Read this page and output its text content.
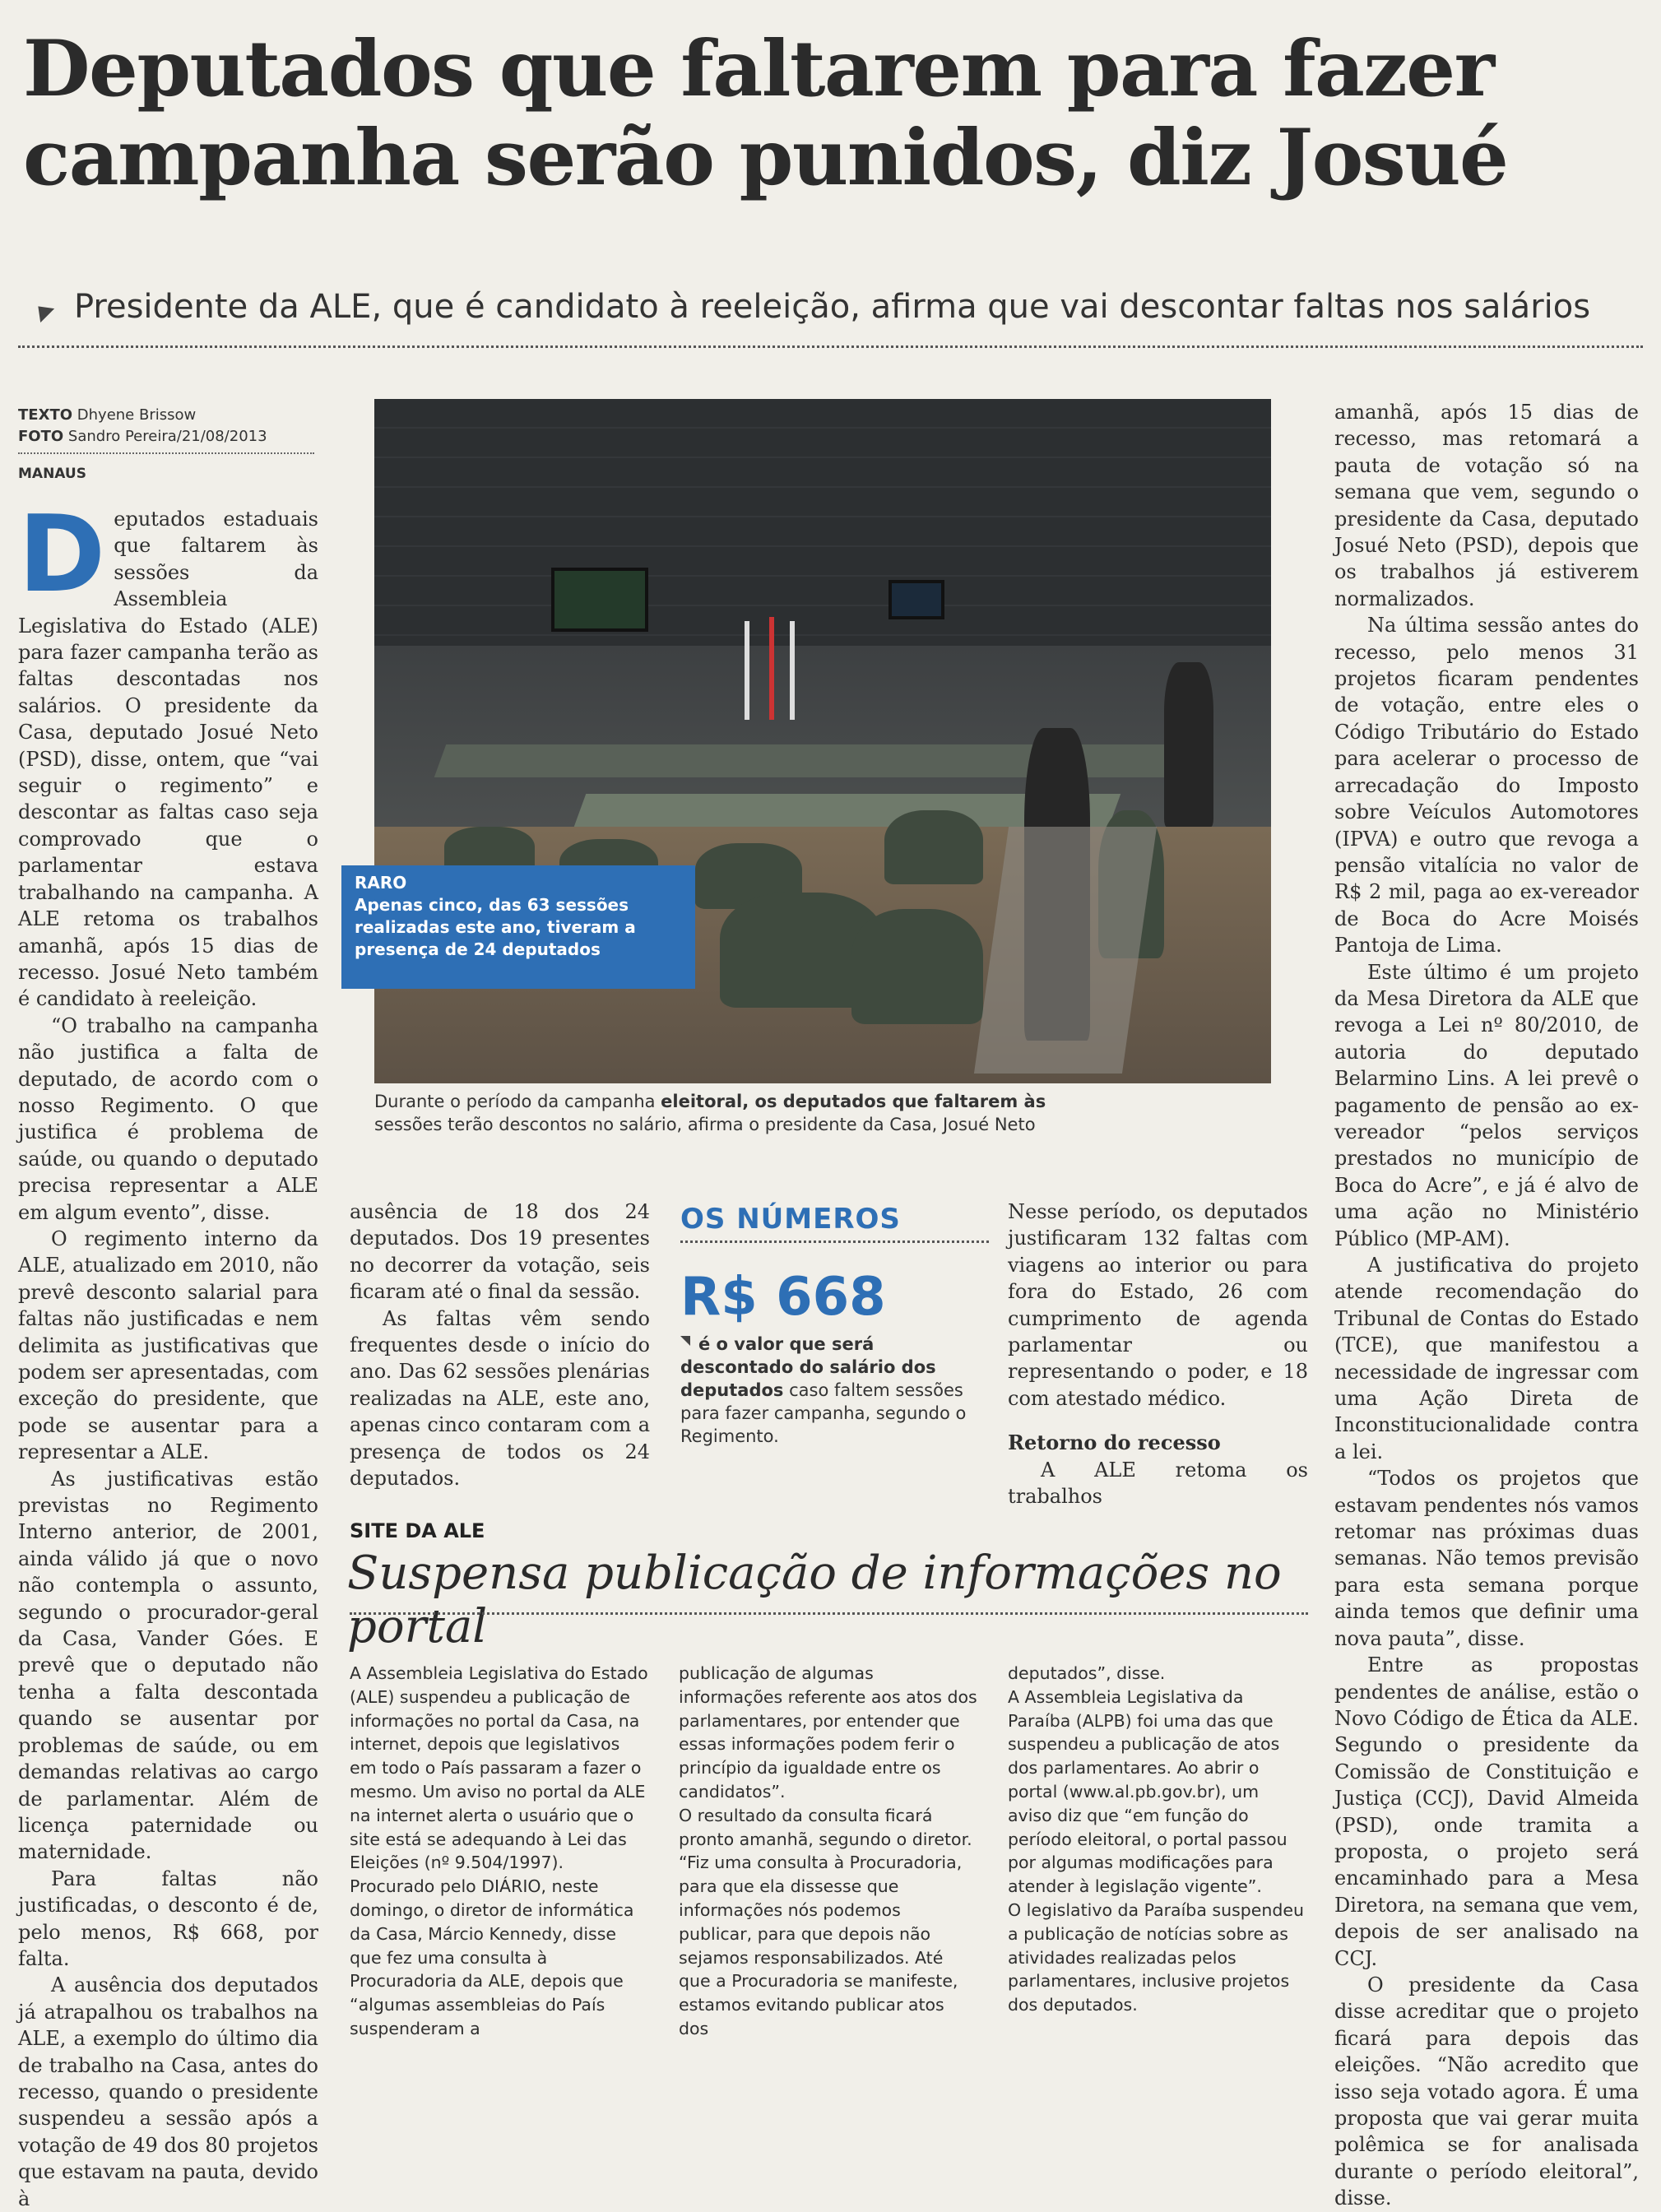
Deputados que faltarem para fazer
campanha serão punidos, diz Josué
Presidente da ALE, que é candidato à reeleição, afirma que vai descontar faltas nos salários
TEXTO Dhyene Brissow
FOTO Sandro Pereira/21/08/2013
MANAUS

Deputados estaduais que faltarem às sessões da Assembleia Legislativa do Estado (ALE) para fazer campanha terão as faltas descontadas nos salários. O presidente da Casa, deputado Josué Neto (PSD), disse, ontem, que “vai seguir o regimento” e descontar as faltas caso seja comprovado que o parlamentar estava trabalhando na campanha. A ALE retoma os trabalhos amanhã, após 15 dias de recesso. Josué Neto também é candidato à reeleição.

“O trabalho na campanha não justifica a falta de deputado, de acordo com o nosso Regimento. O que justifica é problema de saúde, ou quando o deputado precisa representar a ALE em algum evento”, disse.

O regimento interno da ALE, atualizado em 2010, não prevê desconto salarial para faltas não justificadas e nem delimita as justificativas que podem ser apresentadas, com exceção do presidente, que pode se ausentar para a representar a ALE.

As justificativas estão previstas no Regimento Interno anterior, de 2001, ainda válido já que o novo não contempla o assunto, segundo o procurador-geral da Casa, Vander Góes. E prevê que o deputado não tenha a falta descontada quando se ausentar por problemas de saúde, ou em demandas relativas ao cargo de parlamentar. Além de licença paternidade ou maternidade.

Para faltas não justificadas, o desconto é de, pelo menos, R$ 668, por falta.

A ausência dos deputados já atrapalhou os trabalhos na ALE, a exemplo do último dia de trabalho na Casa, antes do recesso, quando o presidente suspendeu a sessão após a votação de 49 dos 80 projetos que estavam na pauta, devido à

RARO
Apenas cinco, das 63 sessões realizadas este ano, tiveram a presença de 24 deputados
Durante o período da campanha eleitoral, os deputados que faltarem às
sessões terão descontos no salário, afirma o presidente da Casa, Josué Neto

ausência de 18 dos 24 deputados. Dos 19 presentes no decorrer da votação, seis ficaram até o final da sessão.

As faltas vêm sendo frequentes desde o início do ano. Das 62 sessões plenárias realizadas na ALE, este ano, apenas cinco contaram com a presença de todos os 24 deputados.

OS NÚMEROS
R$ 668
é o valor que será descontado do salário dos deputados caso faltem sessões para fazer campanha, segundo o Regimento.

Nesse período, os deputados justificaram 132 faltas com viagens ao interior ou para fora do Estado, 26 com cumprimento de agenda parlamentar ou representando o poder, e 18 com atestado médico.

Retorno do recesso

A ALE retoma os trabalhos

amanhã, após 15 dias de recesso, mas retomará a pauta de votação só na semana que vem, segundo o presidente da Casa, deputado Josué Neto (PSD), depois que os trabalhos já estiverem normalizados.

Na última sessão antes do recesso, pelo menos 31 projetos ficaram pendentes de votação, entre eles o Código Tributário do Estado para acelerar o processo de arrecadação do Imposto sobre Veículos Automotores (IPVA) e outro que revoga a pensão vitalícia no valor de R$ 2 mil, paga ao ex-vereador de Boca do Acre Moisés Pantoja de Lima.

Este último é um projeto da Mesa Diretora da ALE que revoga a Lei nº 80/2010, de autoria do deputado Belarmino Lins. A lei prevê o pagamento de pensão ao ex-vereador “pelos serviços prestados no município de Boca do Acre”, e já é alvo de uma ação no Ministério Público (MP-AM).

A justificativa do projeto atende recomendação do Tribunal de Contas do Estado (TCE), que manifestou a necessidade de ingressar com uma Ação Direta de Inconstitucionalidade contra a lei.

“Todos os projetos que estavam pendentes nós vamos retomar nas próximas duas semanas. Não temos previsão para esta semana porque ainda temos que definir uma nova pauta”, disse.

Entre as propostas pendentes de análise, estão o Novo Código de Ética da ALE. Segundo o presidente da Comissão de Constituição e Justiça (CCJ), David Almeida (PSD), onde tramita a proposta, o projeto será encaminhado para a Mesa Diretora, na semana que vem, depois de ser analisado na CCJ.

O presidente da Casa disse acreditar que o projeto ficará para depois das eleições. “Não acredito que isso seja votado agora. É uma proposta que vai gerar muita polêmica se for analisada durante o período eleitoral”, disse.

SITE DA ALE
Suspensa publicação de informações no portal

A Assembleia Legislativa do Estado (ALE) suspendeu a publicação de informações no portal da Casa, na internet, depois que legislativos em todo o País passaram a fazer o mesmo. Um aviso no portal da ALE na internet alerta o usuário que o site está se adequando à Lei das Eleições (nº 9.504/1997). Procurado pelo DIÁRIO, neste domingo, o diretor de informática da Casa, Márcio Kennedy, disse que fez uma consulta à Procuradoria da ALE, depois que “algumas assembleias do País suspenderam a

publicação de algumas informações referente aos atos dos parlamentares, por entender que essas informações podem ferir o princípio da igualdade entre os candidatos”.

O resultado da consulta ficará pronto amanhã, segundo o diretor. “Fiz uma consulta à Procuradoria, para que ela dissesse que informações nós podemos publicar, para que depois não sejamos responsabilizados. Até que a Procuradoria se manifeste, estamos evitando publicar atos dos

deputados”, disse.

A Assembleia Legislativa da Paraíba (ALPB) foi uma das que suspendeu a publicação de atos dos parlamentares. Ao abrir o portal (www.al.pb.gov.br), um aviso diz que “em função do período eleitoral, o portal passou por algumas modificações para atender à legislação vigente”.

O legislativo da Paraíba suspendeu a publicação de notícias sobre as atividades realizadas pelos parlamentares, inclusive projetos dos deputados.
